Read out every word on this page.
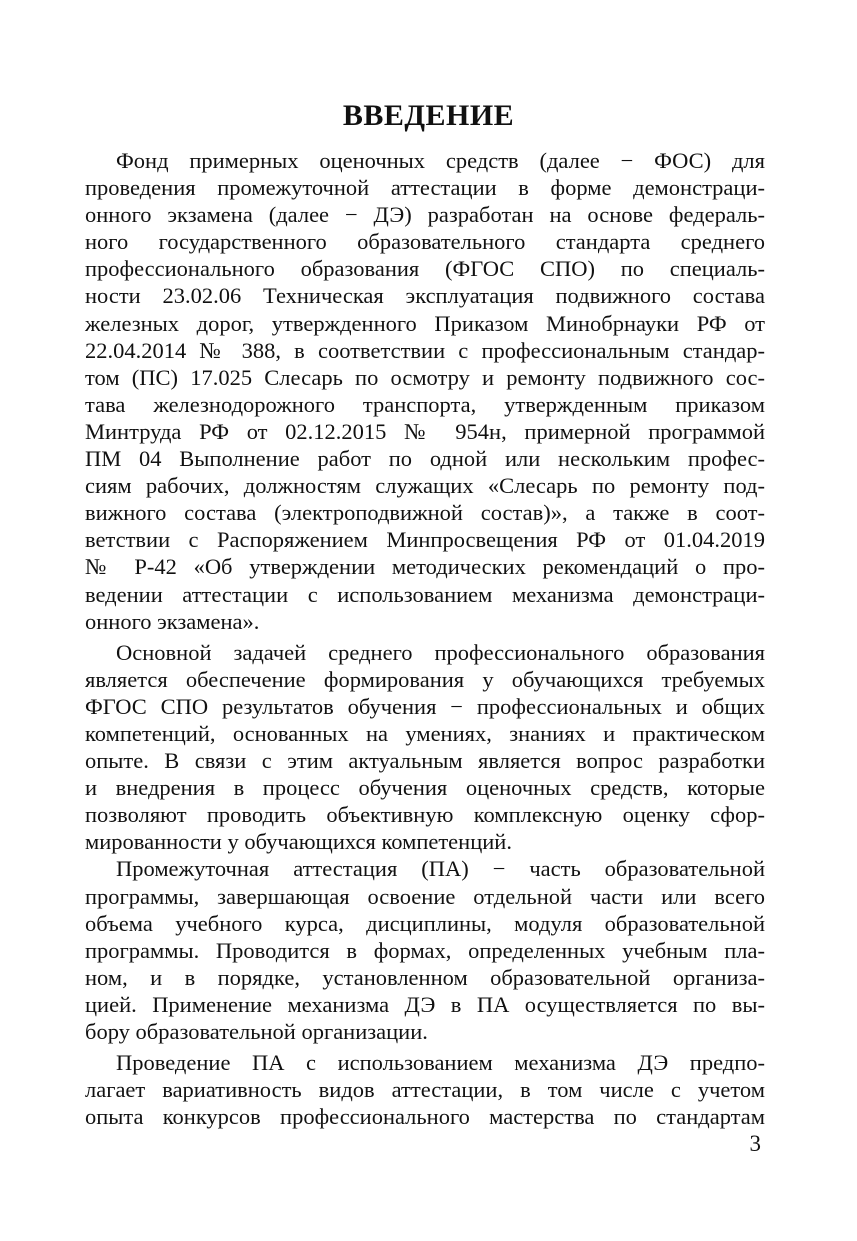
ВВЕДЕНИЕ
Фонд примерных оценочных средств (далее − ФОС) для
проведения промежуточной аттестации в форме демонстраци-
онного экзамена (далее − ДЭ) разработан на основе федераль-
ного государственного образовательного стандарта среднего
профессионального образования (ФГОС СПО) по специаль-
ности 23.02.06 Техническая эксплуатация подвижного состава
железных дорог, утвержденного Приказом Минобрнауки РФ от
22.04.2014 № 388, в соответствии с профессиональным стандар-
том (ПС) 17.025 Слесарь по осмотру и ремонту подвижного сос-
тава железнодорожного транспорта, утвержденным приказом
Минтруда РФ от 02.12.2015 № 954н, примерной программой
ПМ 04 Выполнение работ по одной или нескольким профес-
сиям рабочих, должностям служащих «Слесарь по ремонту под-
вижного состава (электроподвижной состав)», а также в соот-
ветствии с Распоряжением Минпросвещения РФ от 01.04.2019
№ Р-42 «Об утверждении методических рекомендаций о про-
ведении аттестации с использованием механизма демонстраци-
онного экзамена».
Основной задачей среднего профессионального образования
является обеспечение формирования у обучающихся требуемых
ФГОС СПО результатов обучения − профессиональных и общих
компетенций, основанных на умениях, знаниях и практическом
опыте. В связи с этим актуальным является вопрос разработки
и внедрения в процесс обучения оценочных средств, которые
позволяют проводить объективную комплексную оценку сфор-
мированности у обучающихся компетенций.
Промежуточная аттестация (ПА) − часть образовательной
программы, завершающая освоение отдельной части или всего
объема учебного курса, дисциплины, модуля образовательной
программы. Проводится в формах, определенных учебным пла-
ном, и в порядке, установленном образовательной организа-
цией. Применение механизма ДЭ в ПА осуществляется по вы-
бору образовательной организации.
Проведение ПА с использованием механизма ДЭ предпо-
лагает вариативность видов аттестации, в том числе с учетом
опыта конкурсов профессионального мастерства по стандартам
3
